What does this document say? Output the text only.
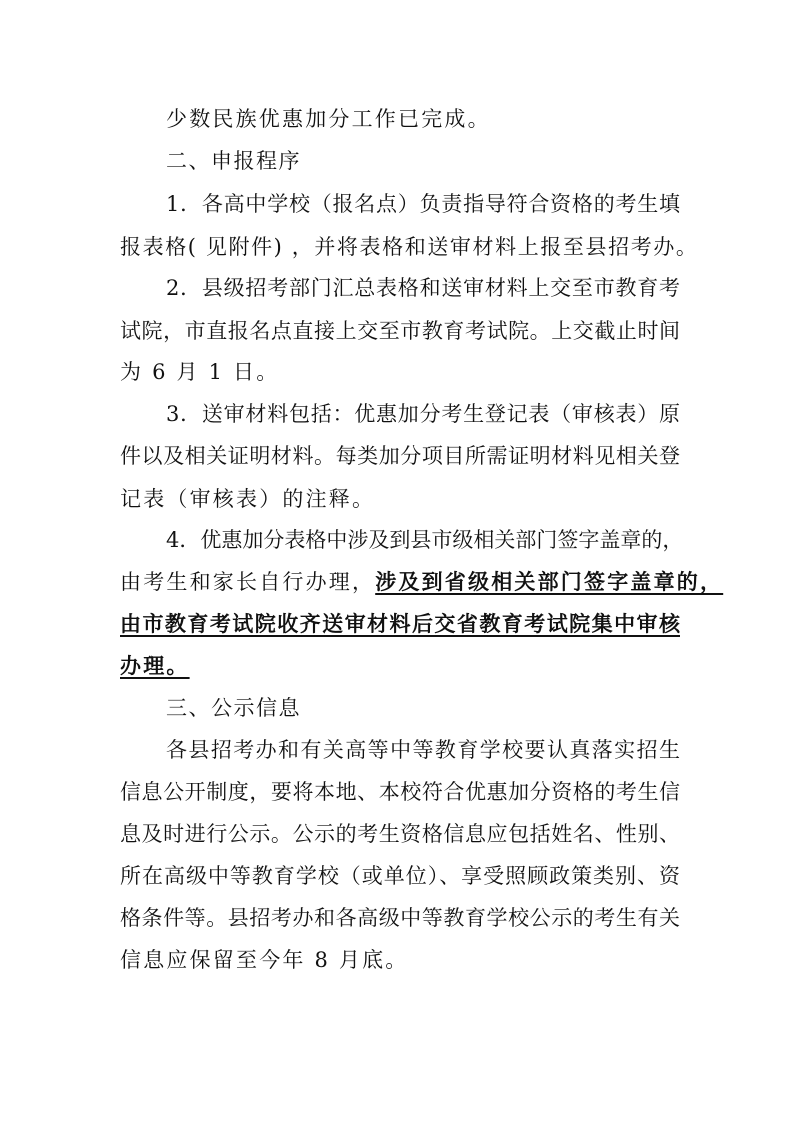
少数民族优惠加分工作已完成。
二、申报程序
1．各高中学校（报名点）负责指导符合资格的考生填
报表格( 见附件) ，并将表格和送审材料上报至县招考办。
2．县级招考部门汇总表格和送审材料上交至市教育考
试院，市直报名点直接上交至市教育考试院。上交截止时间
为 6 月 1 日。
3．送审材料包括：优惠加分考生登记表（审核表）原
件以及相关证明材料。每类加分项目所需证明材料见相关登
记表（审核表）的注释。
4．优惠加分表格中涉及到县市级相关部门签字盖章的，
由考生和家长自行办理，涉及到省级相关部门签字盖章的，
由市教育考试院收齐送审材料后交省教育考试院集中审核
办理。
三、公示信息
各县招考办和有关高等中等教育学校要认真落实招生
信息公开制度，要将本地、本校符合优惠加分资格的考生信
息及时进行公示。公示的考生资格信息应包括姓名、性别、
所在高级中等教育学校（或单位）、享受照顾政策类别、资
格条件等。县招考办和各高级中等教育学校公示的考生有关
信息应保留至今年 8 月底。
